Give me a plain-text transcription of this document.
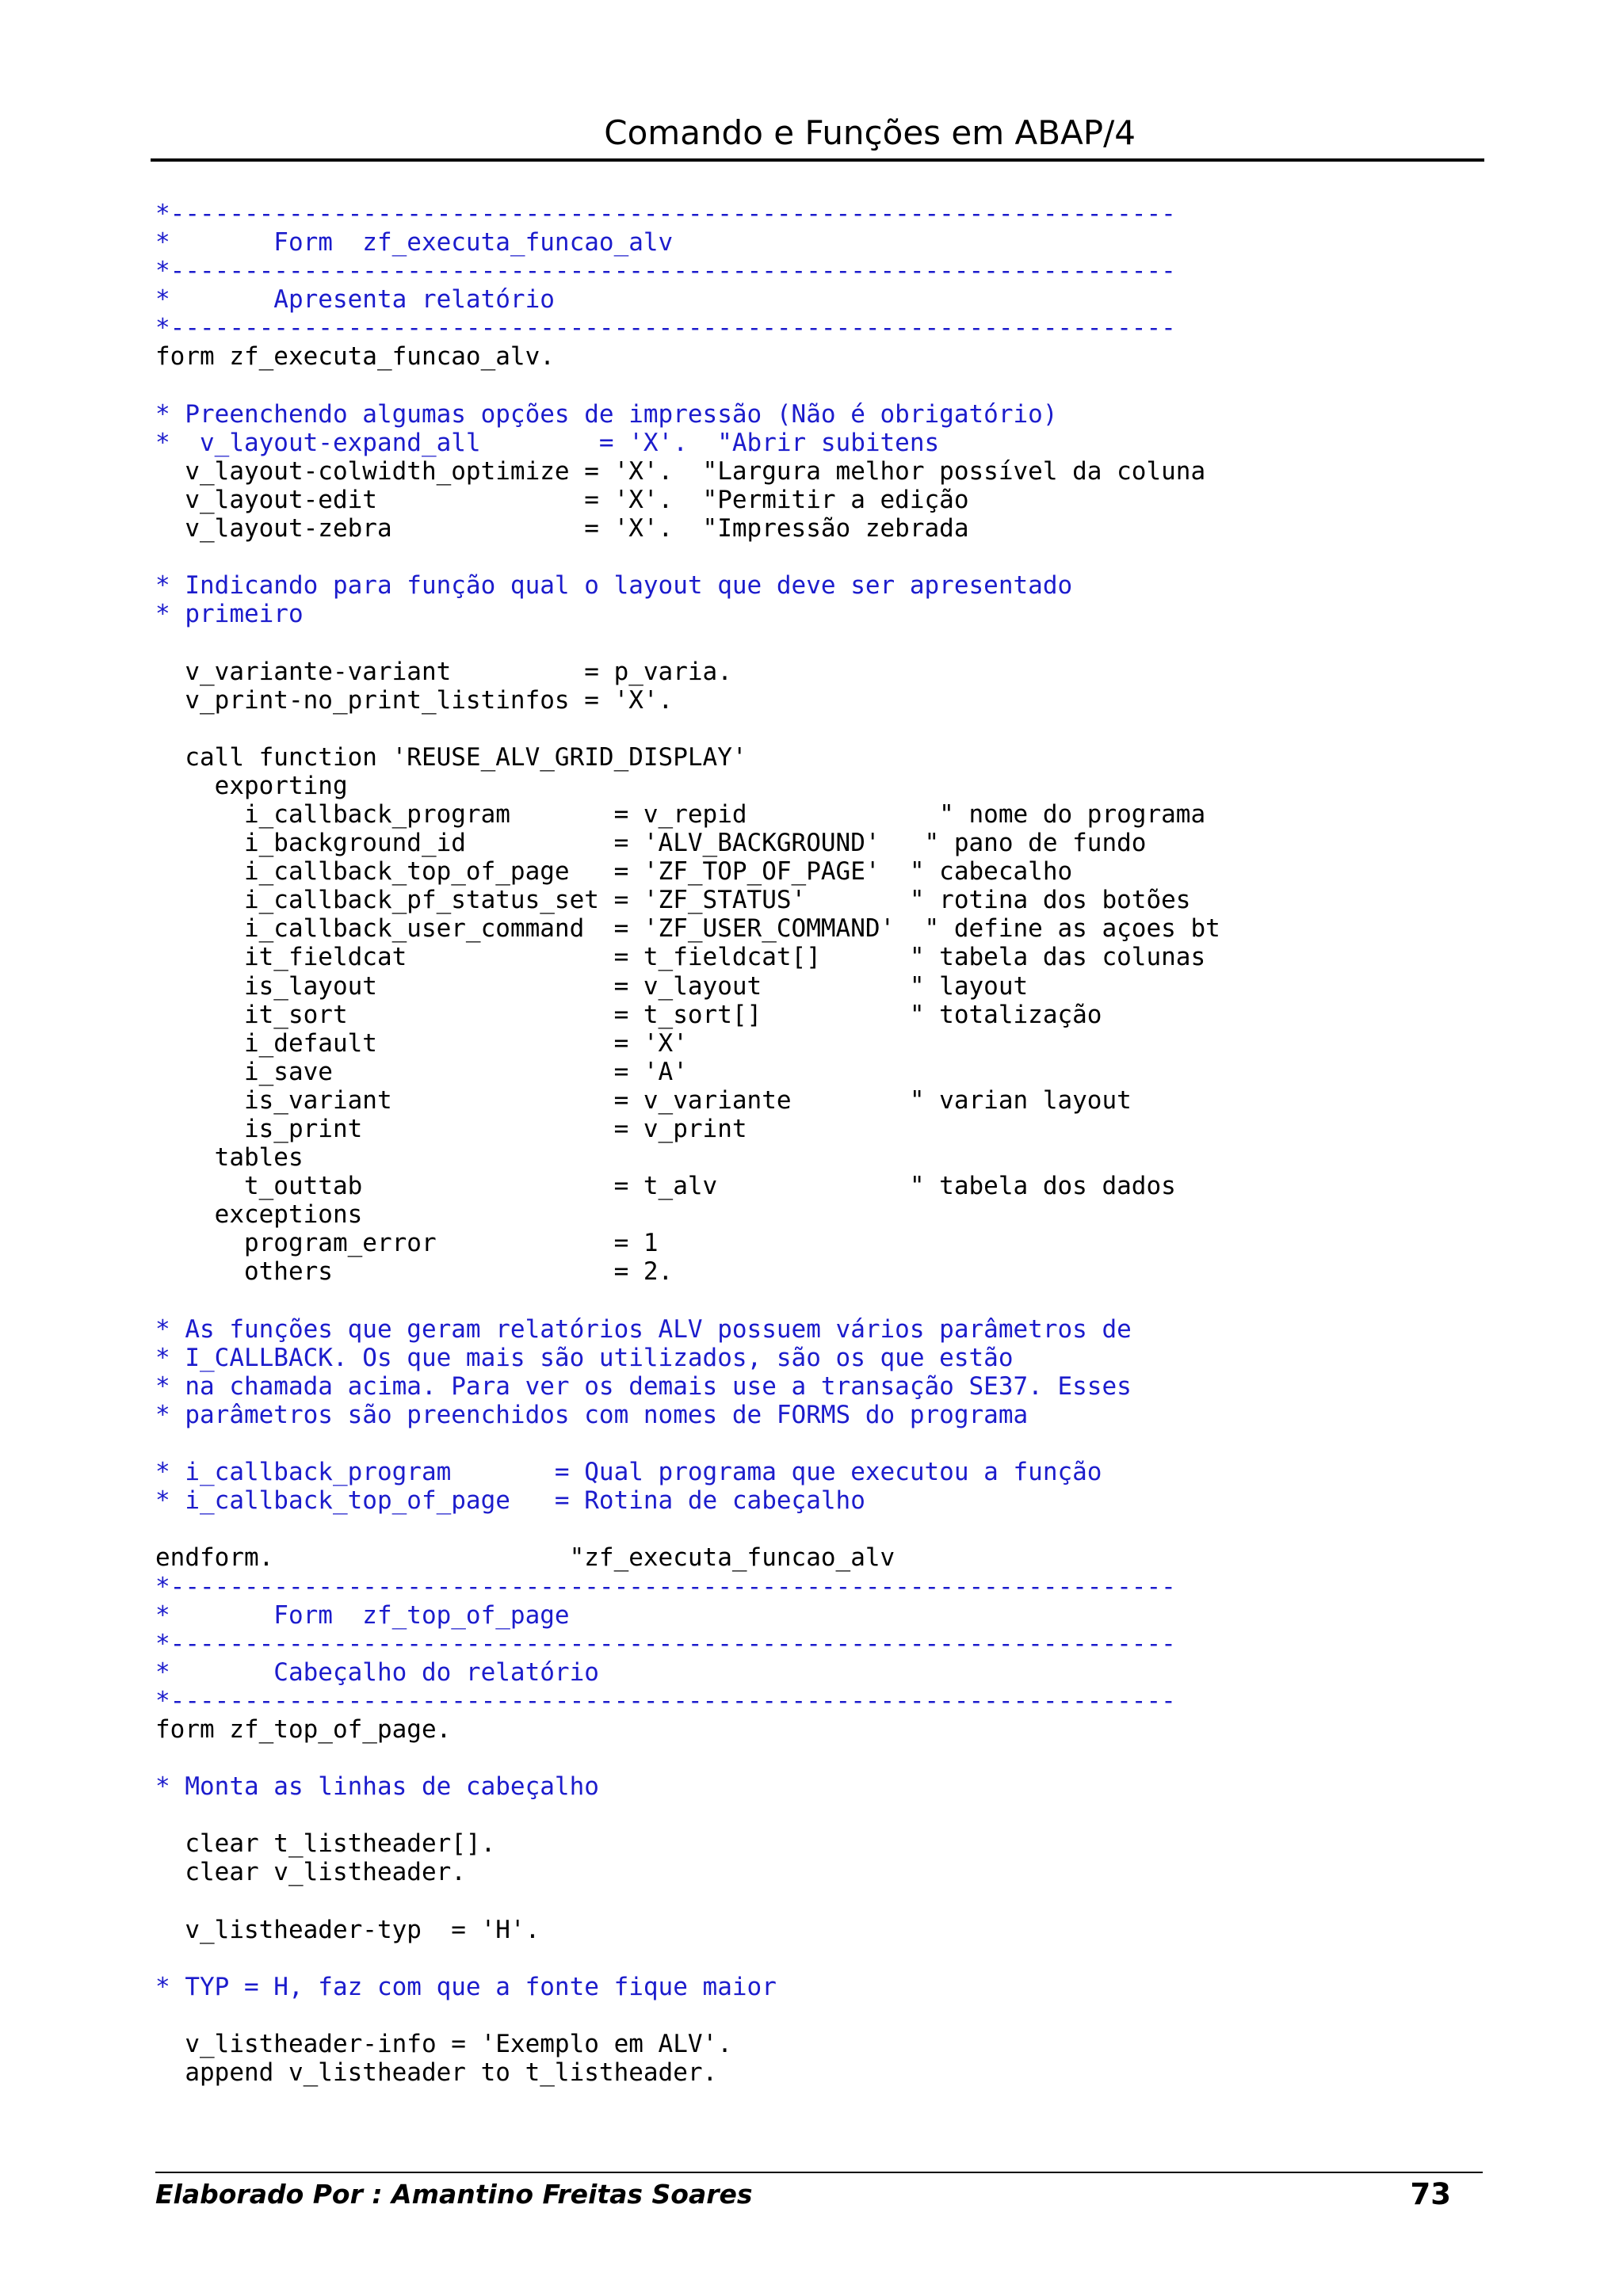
Comando e Funções em ABAP/4
*--------------------------------------------------------------------
*       Form  zf_executa_funcao_alv
*--------------------------------------------------------------------
*       Apresenta relatório
*--------------------------------------------------------------------
form zf_executa_funcao_alv.
* Preenchendo algumas opções de impressão (Não é obrigatório)
*  v_layout-expand_all        = 'X'.  "Abrir subitens
v_layout-colwidth_optimize = 'X'.  "Largura melhor possível da coluna
v_layout-edit              = 'X'.  "Permitir a edição
v_layout-zebra             = 'X'.  "Impressão zebrada
* Indicando para função qual o layout que deve ser apresentado
* primeiro
v_variante-variant         = p_varia.
v_print-no_print_listinfos = 'X'.
call function 'REUSE_ALV_GRID_DISPLAY'
exporting
i_callback_program       = v_repid             " nome do programa
i_background_id          = 'ALV_BACKGROUND'   " pano de fundo
i_callback_top_of_page   = 'ZF_TOP_OF_PAGE'  " cabecalho
i_callback_pf_status_set = 'ZF_STATUS'       " rotina dos botões
i_callback_user_command  = 'ZF_USER_COMMAND'  " define as açoes bt
it_fieldcat              = t_fieldcat[]      " tabela das colunas
is_layout                = v_layout          " layout
it_sort                  = t_sort[]          " totalização
i_default                = 'X'
i_save                   = 'A'
is_variant               = v_variante        " varian layout
is_print                 = v_print
tables
t_outtab                 = t_alv             " tabela dos dados
exceptions
program_error            = 1
others                   = 2.
* As funções que geram relatórios ALV possuem vários parâmetros de
* I_CALLBACK. Os que mais são utilizados, são os que estão
* na chamada acima. Para ver os demais use a transação SE37. Esses
* parâmetros são preenchidos com nomes de FORMS do programa
* i_callback_program       = Qual programa que executou a função
* i_callback_top_of_page   = Rotina de cabeçalho
endform.                    "zf_executa_funcao_alv
*--------------------------------------------------------------------
*       Form  zf_top_of_page
*--------------------------------------------------------------------
*       Cabeçalho do relatório
*--------------------------------------------------------------------
form zf_top_of_page.
* Monta as linhas de cabeçalho
clear t_listheader[].
clear v_listheader.
v_listheader-typ  = 'H'.
* TYP = H, faz com que a fonte fique maior
v_listheader-info = 'Exemplo em ALV'.
append v_listheader to t_listheader.
Elaborado Por : Amantino Freitas Soares	73
